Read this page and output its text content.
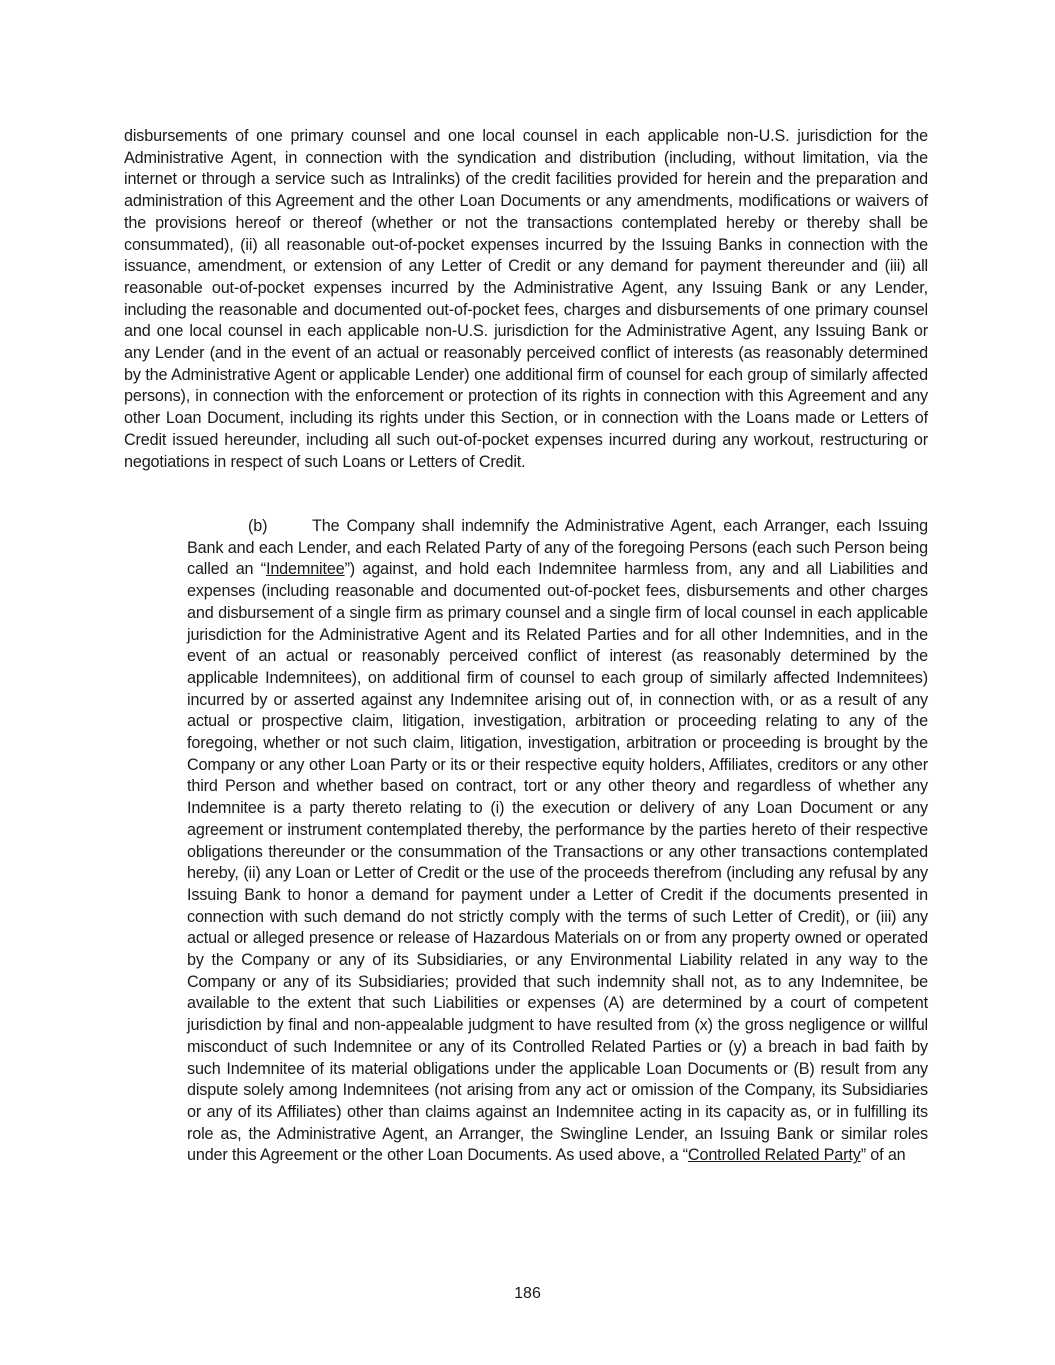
disbursements of one primary counsel and one local counsel in each applicable non-U.S. jurisdiction for the Administrative Agent, in connection with the syndication and distribution (including, without limitation, via the internet or through a service such as Intralinks) of the credit facilities provided for herein and the preparation and administration of this Agreement and the other Loan Documents or any amendments, modifications or waivers of the provisions hereof or thereof (whether or not the transactions contemplated hereby or thereby shall be consummated), (ii) all reasonable out-of-pocket expenses incurred by the Issuing Banks in connection with the issuance, amendment, or extension of any Letter of Credit or any demand for payment thereunder and (iii) all reasonable out-of-pocket expenses incurred by the Administrative Agent, any Issuing Bank or any Lender, including the reasonable and documented out-of-pocket fees, charges and disbursements of one primary counsel and one local counsel in each applicable non-U.S. jurisdiction for the Administrative Agent, any Issuing Bank or any Lender (and in the event of an actual or reasonably perceived conflict of interests (as reasonably determined by the Administrative Agent or applicable Lender) one additional firm of counsel for each group of similarly affected persons), in connection with the enforcement or protection of its rights in connection with this Agreement and any other Loan Document, including its rights under this Section, or in connection with the Loans made or Letters of Credit issued hereunder, including all such out-of-pocket expenses incurred during any workout, restructuring or negotiations in respect of such Loans or Letters of Credit.

(b)	The Company shall indemnify the Administrative Agent, each Arranger, each Issuing Bank and each Lender, and each Related Party of any of the foregoing Persons (each such Person being called an “Indemnitee”) against, and hold each Indemnitee harmless from, any and all Liabilities and expenses (including reasonable and documented out-of-pocket fees, disbursements and other charges and disbursement of a single firm as primary counsel and a single firm of local counsel in each applicable jurisdiction for the Administrative Agent and its Related Parties and for all other Indemnities, and in the event of an actual or reasonably perceived conflict of interest (as reasonably determined by the applicable Indemnitees), on additional firm of counsel to each group of similarly affected Indemnitees) incurred by or asserted against any Indemnitee arising out of, in connection with, or as a result of any actual or prospective claim, litigation, investigation, arbitration or proceeding relating to any of the foregoing, whether or not such claim, litigation, investigation, arbitration or proceeding is brought by the Company or any other Loan Party or its or their respective equity holders, Affiliates, creditors or any other third Person and whether based on contract, tort or any other theory and regardless of whether any Indemnitee is a party thereto relating to (i) the execution or delivery of any Loan Document or any agreement or instrument contemplated thereby, the performance by the parties hereto of their respective obligations thereunder or the consummation of the Transactions or any other transactions contemplated hereby, (ii) any Loan or Letter of Credit or the use of the proceeds therefrom (including any refusal by any Issuing Bank to honor a demand for payment under a Letter of Credit if the documents presented in connection with such demand do not strictly comply with the terms of such Letter of Credit), or (iii) any actual or alleged presence or release of Hazardous Materials on or from any property owned or operated by the Company or any of its Subsidiaries, or any Environmental Liability related in any way to the Company or any of its Subsidiaries; provided that such indemnity shall not, as to any Indemnitee, be available to the extent that such Liabilities or expenses (A) are determined by a court of competent jurisdiction by final and non-appealable judgment to have resulted from (x) the gross negligence or willful misconduct of such Indemnitee or any of its Controlled Related Parties or (y) a breach in bad faith by such Indemnitee of its material obligations under the applicable Loan Documents or (B) result from any dispute solely among Indemnitees (not arising from any act or omission of the Company, its Subsidiaries or any of its Affiliates) other than claims against an Indemnitee acting in its capacity as, or in fulfilling its role as, the Administrative Agent, an Arranger, the Swingline Lender, an Issuing Bank or similar roles under this Agreement or the other Loan Documents. As used above, a “Controlled Related Party” of an

186
